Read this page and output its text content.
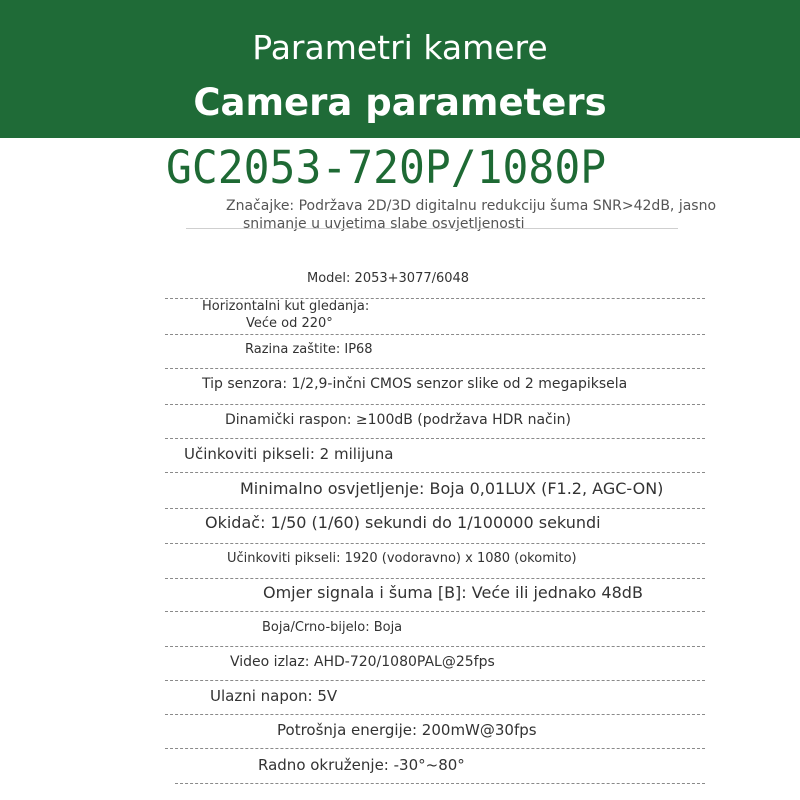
Parametri kamere
Camera parameters
GC2053-720P/1080P
Značajke: Podržava 2D/3D digitalnu redukciju šuma SNR>42dB, jasno
snimanje u uvjetima slabe osvjetljenosti
Model: 2053+3077/6048
Horizontalni kut gledanja:
Veće od 220°
Razina zaštite: IP68
Tip senzora: 1/2,9-inčni CMOS senzor slike od 2 megapiksela
Dinamički raspon: ≥100dB (podržava HDR način)
Učinkoviti pikseli: 2 milijuna
Minimalno osvjetljenje: Boja 0,01LUX (F1.2, AGC-ON)
Okidač: 1/50 (1/60) sekundi do 1/100000 sekundi
Učinkoviti pikseli: 1920 (vodoravno) x 1080 (okomito)
Omjer signala i šuma [B]: Veće ili jednako 48dB
Boja/Crno-bijelo: Boja
Video izlaz: AHD-720/1080PAL@25fps
Ulazni napon: 5V
Potrošnja energije: 200mW@30fps
Radno okruženje: -30°~80°
